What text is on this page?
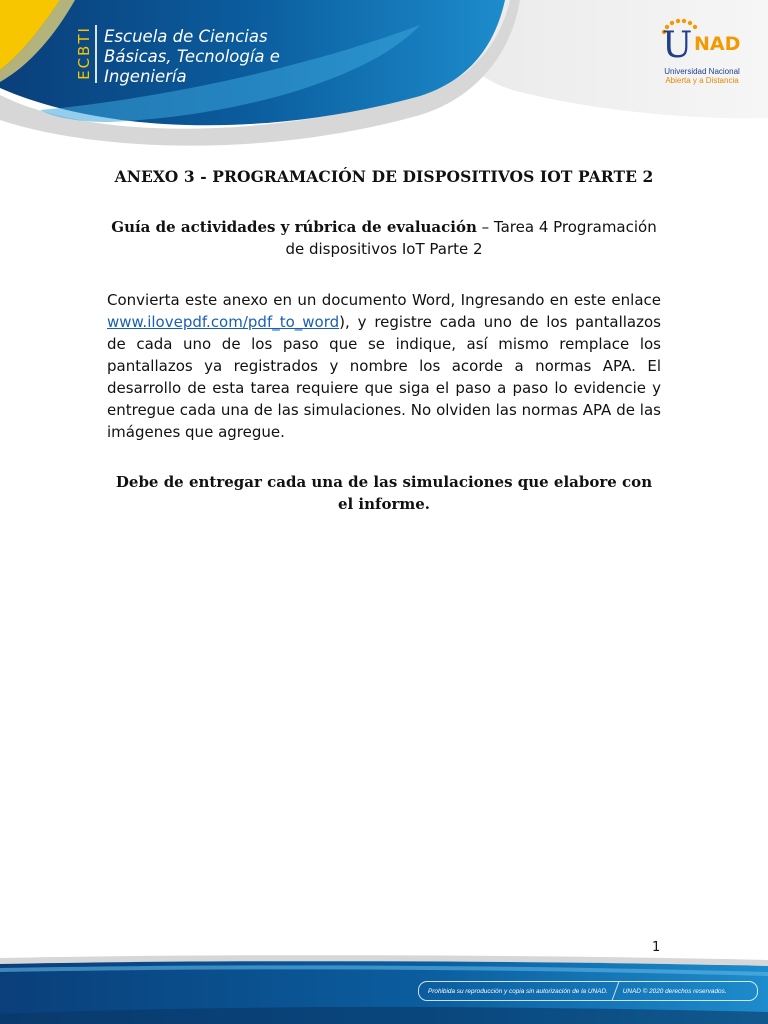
ECBTI Escuela de Ciencias
Básicas, Tecnología e
Ingeniería
U NAD
Universidad Nacional
Abierta y a Distancia
ANEXO 3 - PROGRAMACIÓN DE DISPOSITIVOS IOT PARTE 2
Guía de actividades y rúbrica de evaluación – Tarea 4 Programación de dispositivos IoT Parte 2
Convierta este anexo en un documento Word, Ingresando en este enlace www.ilovepdf.com/pdf_to_word), y registre cada uno de los pantallazos de cada uno de los paso que se indique, así mismo remplace los pantallazos ya registrados y nombre los acorde a normas APA. El desarrollo de esta tarea requiere que siga el paso a paso lo evidencie y entregue cada una de las simulaciones. No olviden las normas APA de las imágenes que agregue.
Debe de entregar cada una de las simulaciones que elabore con el informe.
1
Prohibida su reproducción y copia sin autorización de la UNAD. UNAD © 2020 derechos reservados.
